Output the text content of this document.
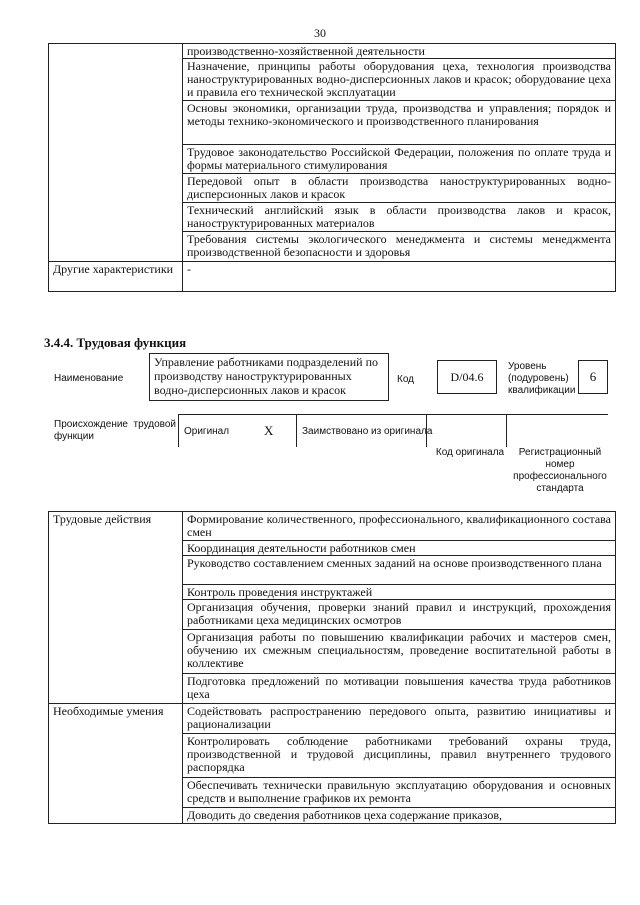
30
	производственно-хозяйственной деятельности
	Назначение, принципы работы оборудования цеха, технология производства наноструктурированных водно-дисперсионных лаков и красок; оборудование цеха и правила его технической эксплуатации
	Основы экономики, организации труда, производства и управления; порядок и методы технико-экономического и производственного планирования
	Трудовое законодательство Российской Федерации, положения по оплате труда и формы материального стимулирования
	Передовой опыт в области производства наноструктурированных водно-дисперсионных лаков и красок
	Технический английский язык в области производства лаков и красок, наноструктурированных материалов
	Требования системы экологического менеджмента и системы менеджмента производственной безопасности и здоровья
Другие характеристики	-
3.4.4. Трудовая функция
Наименование
Управление работниками подразделений по производству наноструктурированных водно-дисперсионных лаков и красок
Код	D/04.6
Уровень (подуровень) квалификации
6
Происхождение трудовой функции	Оригинал	X	Заимствовано из оригинала
Код оригинала	Регистрационный номер профессионального стандарта
Трудовые действия	Формирование количественного, профессионального, квалификационного состава смен
	Координация деятельности работников смен
	Руководство составлением сменных заданий на основе производственного плана
	Контроль проведения инструктажей
	Организация обучения, проверки знаний правил и инструкций, прохождения работниками цеха медицинских осмотров
	Организация работы по повышению квалификации рабочих и мастеров смен, обучению их смежным специальностям, проведение воспитательной работы в коллективе
	Подготовка предложений по мотивации повышения качества труда работников цеха
Необходимые умения	Содействовать распространению передового опыта, развитию инициативы и рационализации
	Контролировать соблюдение работниками требований охраны труда, производственной и трудовой дисциплины, правил внутреннего трудового распорядка
	Обеспечивать технически правильную эксплуатацию оборудования и основных средств и выполнение графиков их ремонта
	Доводить до сведения работников цеха содержание приказов,
